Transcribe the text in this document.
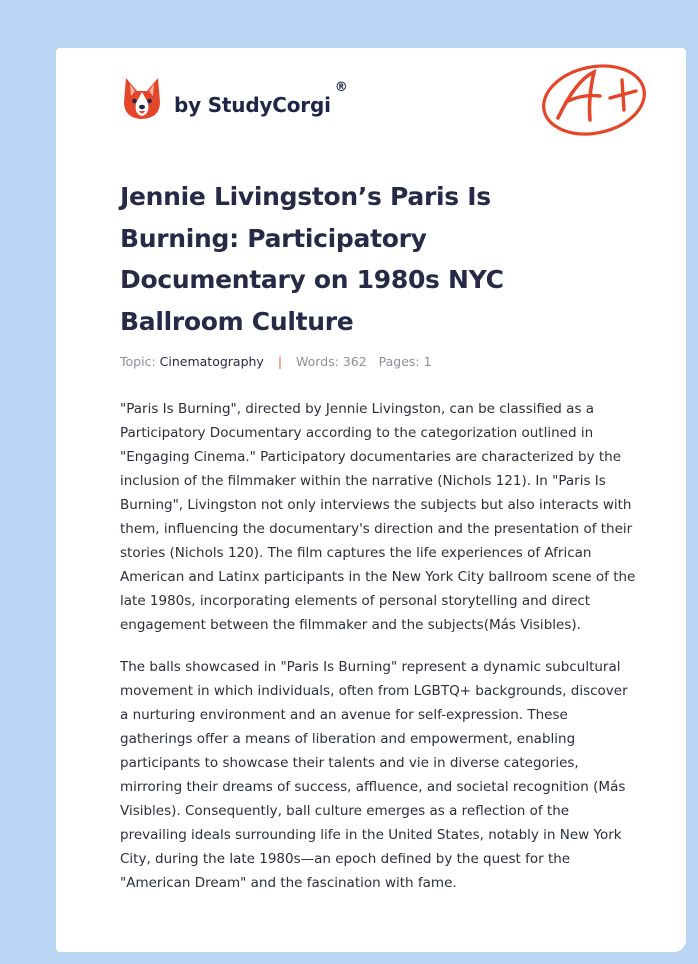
by StudyCorgi
®
Jennie Livingston’s Paris Is Burning: Participatory Documentary on 1980s NYC Ballroom Culture
Topic: Cinematography | Words: 362 Pages: 1

"Paris Is Burning", directed by Jennie Livingston, can be classified as a Participatory Documentary according to the categorization outlined in "Engaging Cinema." Participatory documentaries are characterized by the inclusion of the filmmaker within the narrative (Nichols 121). In "Paris Is Burning", Livingston not only interviews the subjects but also interacts with them, influencing the documentary's direction and the presentation of their stories (Nichols 120). The film captures the life experiences of African American and Latinx participants in the New York City ballroom scene of the late 1980s, incorporating elements of personal storytelling and direct engagement between the filmmaker and the subjects(Más Visibles).

The balls showcased in "Paris Is Burning" represent a dynamic subcultural movement in which individuals, often from LGBTQ+ backgrounds, discover a nurturing environment and an avenue for self-expression. These gatherings offer a means of liberation and empowerment, enabling participants to showcase their talents and vie in diverse categories, mirroring their dreams of success, affluence, and societal recognition (Más Visibles). Consequently, ball culture emerges as a reflection of the prevailing ideals surrounding life in the United States, notably in New York City, during the late 1980s—an epoch defined by the quest for the "American Dream" and the fascination with fame.
